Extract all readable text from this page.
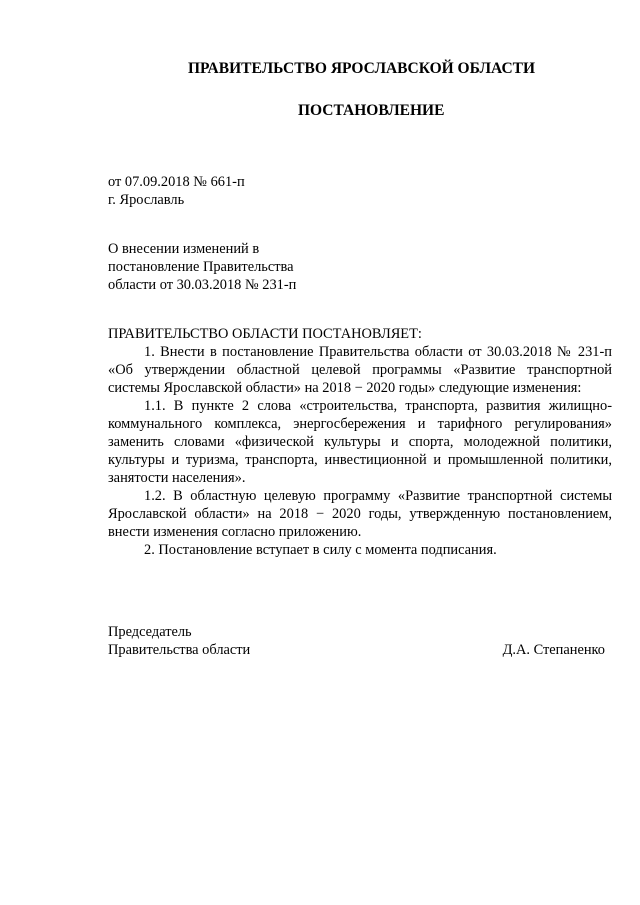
ПРАВИТЕЛЬСТВО ЯРОСЛАВСКОЙ ОБЛАСТИ
ПОСТАНОВЛЕНИЕ
от 07.09.2018 № 661-п
г. Ярославль
О внесении изменений в
постановление Правительства
области от 30.03.2018 № 231-п
ПРАВИТЕЛЬСТВО ОБЛАСТИ ПОСТАНОВЛЯЕТ:

1. Внести в постановление Правительства области от 30.03.2018 № 231-п «Об утверждении областной целевой программы «Развитие транспортной системы Ярославской области» на 2018 − 2020 годы» следующие изменения:

1.1. В пункте 2 слова «строительства, транспорта, развития жилищно-коммунального комплекса, энергосбережения и тарифного регулирования» заменить словами «физической культуры и спорта, молодежной политики, культуры и туризма, транспорта, инвестиционной и промышленной политики, занятости населения».

1.2. В областную целевую программу «Развитие транспортной системы Ярославской области» на 2018 − 2020 годы, утвержденную постановлением, внести изменения согласно приложению.

2. Постановление вступает в силу с момента подписания.

Председатель
Правительства области	Д.А. Степаненко
